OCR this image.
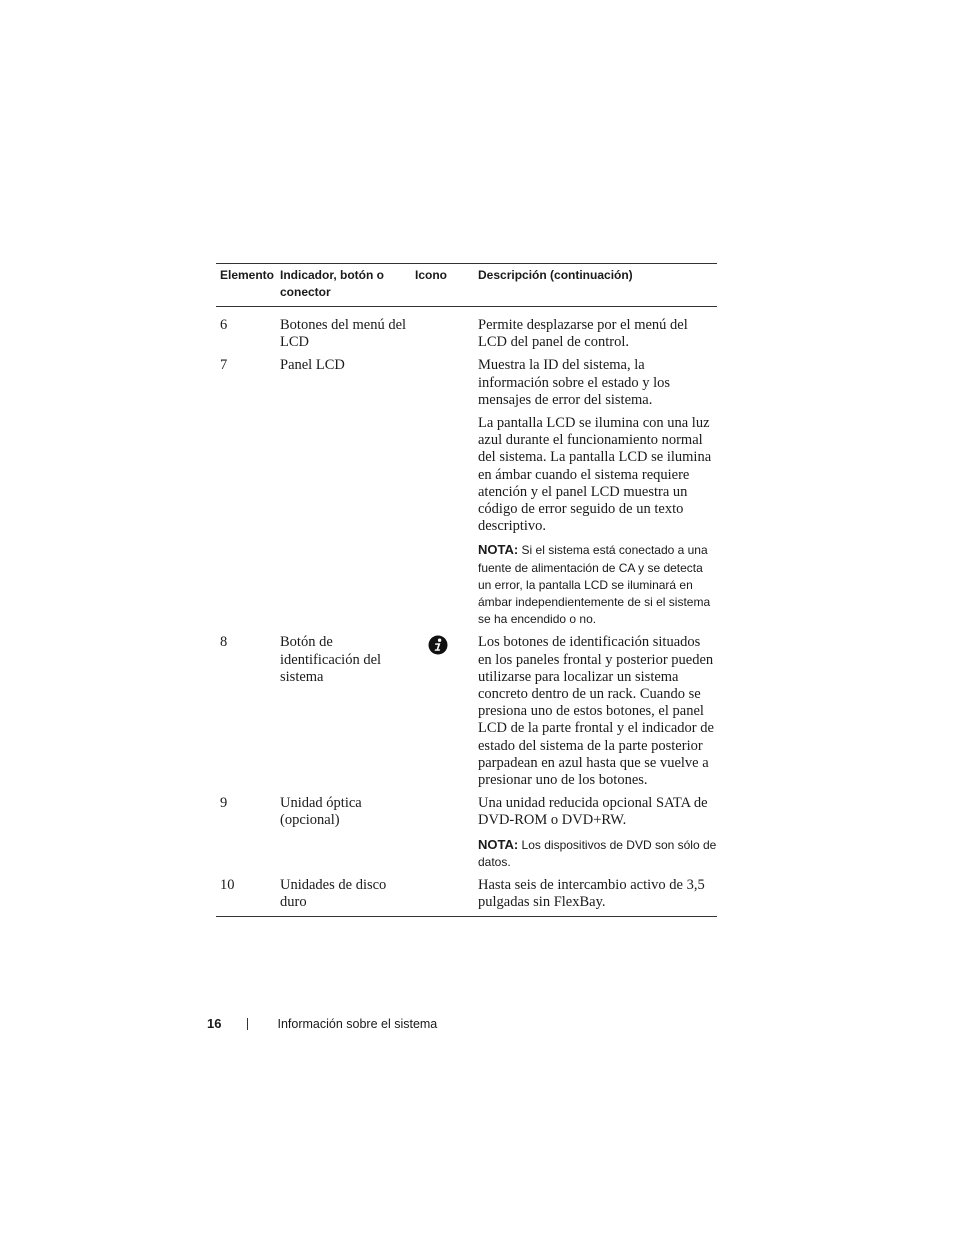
Elemento	Indicador, botón o conector	Icono	Descripción (continuación)
6	Botones del menú del LCD		Permite desplazarse por el menú del LCD del panel de control.

7	Panel LCD		Muestra la ID del sistema, la información sobre el estado y los mensajes de error del sistema.

La pantalla LCD se ilumina con una luz azul durante el funcionamiento normal del sistema. La pantalla LCD se ilumina en ámbar cuando el sistema requiere atención y el panel LCD muestra un código de error seguido de un texto descriptivo.

NOTA: Si el sistema está conectado a una fuente de alimentación de CA y se detecta un error, la pantalla LCD se iluminará en ámbar independientemente de si el sistema se ha encendido o no.

8	Botón de identificación del sistema		Los botones de identificación situados en los paneles frontal y posterior pueden utilizarse para localizar un sistema concreto dentro de un rack. Cuando se presiona uno de estos botones, el panel LCD de la parte frontal y el indicador de estado del sistema de la parte posterior parpadean en azul hasta que se vuelve a presionar uno de los botones.

9	Unidad óptica (opcional)		Una unidad reducida opcional SATA de DVD-ROM o DVD+RW.

NOTA: Los dispositivos de DVD son sólo de datos.

10	Unidades de disco duro		Hasta seis de intercambio activo de 3,5 pulgadas sin FlexBay.

16	Información sobre el sistema
